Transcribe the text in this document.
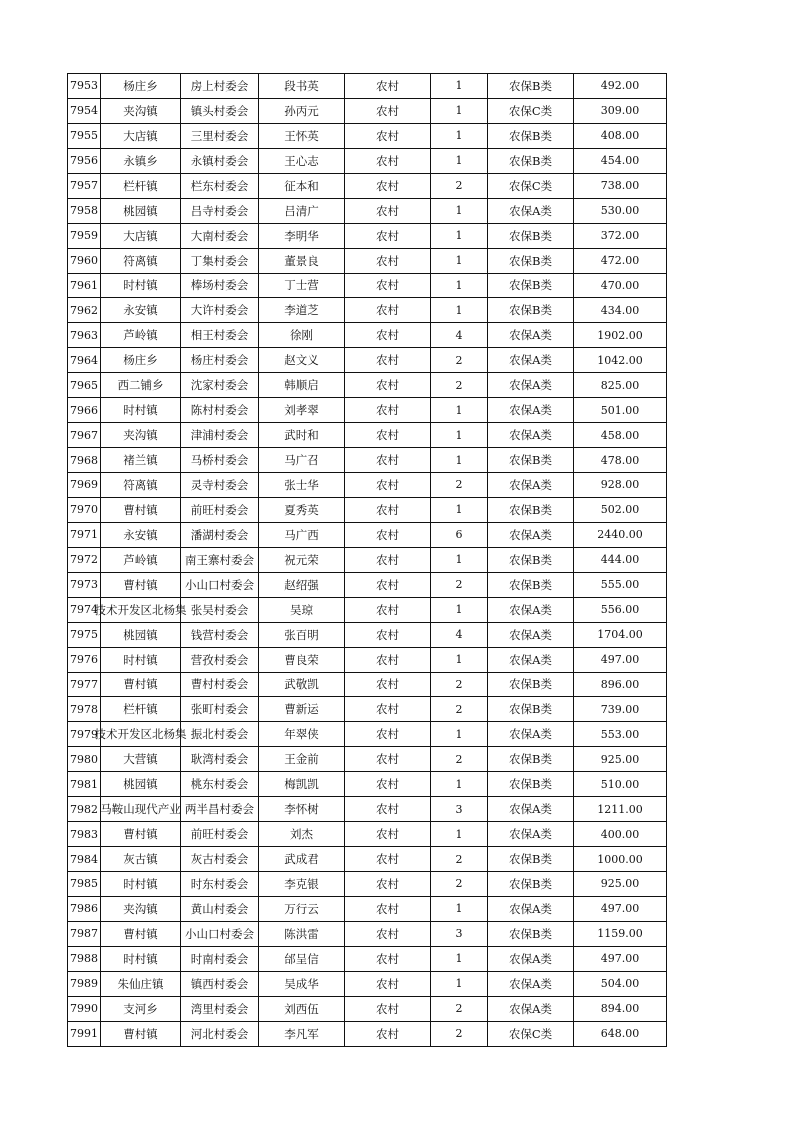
7953	杨庄乡	房上村委会	段书英	农村	1	农保B类	492.00
7954	夹沟镇	镇头村委会	孙丙元	农村	1	农保C类	309.00
7955	大店镇	三里村委会	王怀英	农村	1	农保B类	408.00
7956	永镇乡	永镇村委会	王心志	农村	1	农保B类	454.00
7957	栏杆镇	栏东村委会	征本和	农村	2	农保C类	738.00
7958	桃园镇	吕寺村委会	吕清广	农村	1	农保A类	530.00
7959	大店镇	大南村委会	李明华	农村	1	农保B类	372.00
7960	符离镇	丁集村委会	董景良	农村	1	农保B类	472.00
7961	时村镇	棒场村委会	丁士营	农村	1	农保B类	470.00
7962	永安镇	大许村委会	李道芝	农村	1	农保B类	434.00
7963	芦岭镇	相王村委会	徐刚	农村	4	农保A类	1902.00
7964	杨庄乡	杨庄村委会	赵文义	农村	2	农保A类	1042.00
7965	西二铺乡	沈家村委会	韩顺启	农村	2	农保A类	825.00
7966	时村镇	陈村村委会	刘孝翠	农村	1	农保A类	501.00
7967	夹沟镇	津浦村委会	武时和	农村	1	农保A类	458.00
7968	褚兰镇	马桥村委会	马广召	农村	1	农保B类	478.00
7969	符离镇	灵寺村委会	张士华	农村	2	农保A类	928.00
7970	曹村镇	前旺村委会	夏秀英	农村	1	农保B类	502.00
7971	永安镇	潘湖村委会	马广西	农村	6	农保A类	2440.00
7972	芦岭镇	南王寨村委会	祝元荣	农村	1	农保B类	444.00
7973	曹村镇	小山口村委会	赵绍强	农村	2	农保B类	555.00
7974	技术开发区北杨集	张吴村委会	吴琼	农村	1	农保A类	556.00
7975	桃园镇	钱营村委会	张百明	农村	4	农保A类	1704.00
7976	时村镇	营孜村委会	曹良荣	农村	1	农保A类	497.00
7977	曹村镇	曹村村委会	武敬凯	农村	2	农保B类	896.00
7978	栏杆镇	张町村委会	曹新运	农村	2	农保B类	739.00
7979	技术开发区北杨集	振北村委会	年翠侠	农村	1	农保A类	553.00
7980	大营镇	耿湾村委会	王金前	农村	2	农保B类	925.00
7981	桃园镇	桃东村委会	梅凯凯	农村	1	农保B类	510.00
7982	马鞍山现代产业	两半昌村委会	李怀树	农村	3	农保A类	1211.00
7983	曹村镇	前旺村委会	刘杰	农村	1	农保A类	400.00
7984	灰古镇	灰古村委会	武成君	农村	2	农保B类	1000.00
7985	时村镇	时东村委会	李克银	农村	2	农保B类	925.00
7986	夹沟镇	黄山村委会	万行云	农村	1	农保A类	497.00
7987	曹村镇	小山口村委会	陈洪雷	农村	3	农保B类	1159.00
7988	时村镇	时南村委会	邰呈信	农村	1	农保A类	497.00
7989	朱仙庄镇	镇西村委会	吴成华	农村	1	农保A类	504.00
7990	支河乡	湾里村委会	刘西伍	农村	2	农保A类	894.00
7991	曹村镇	河北村委会	李凡军	农村	2	农保C类	648.00
